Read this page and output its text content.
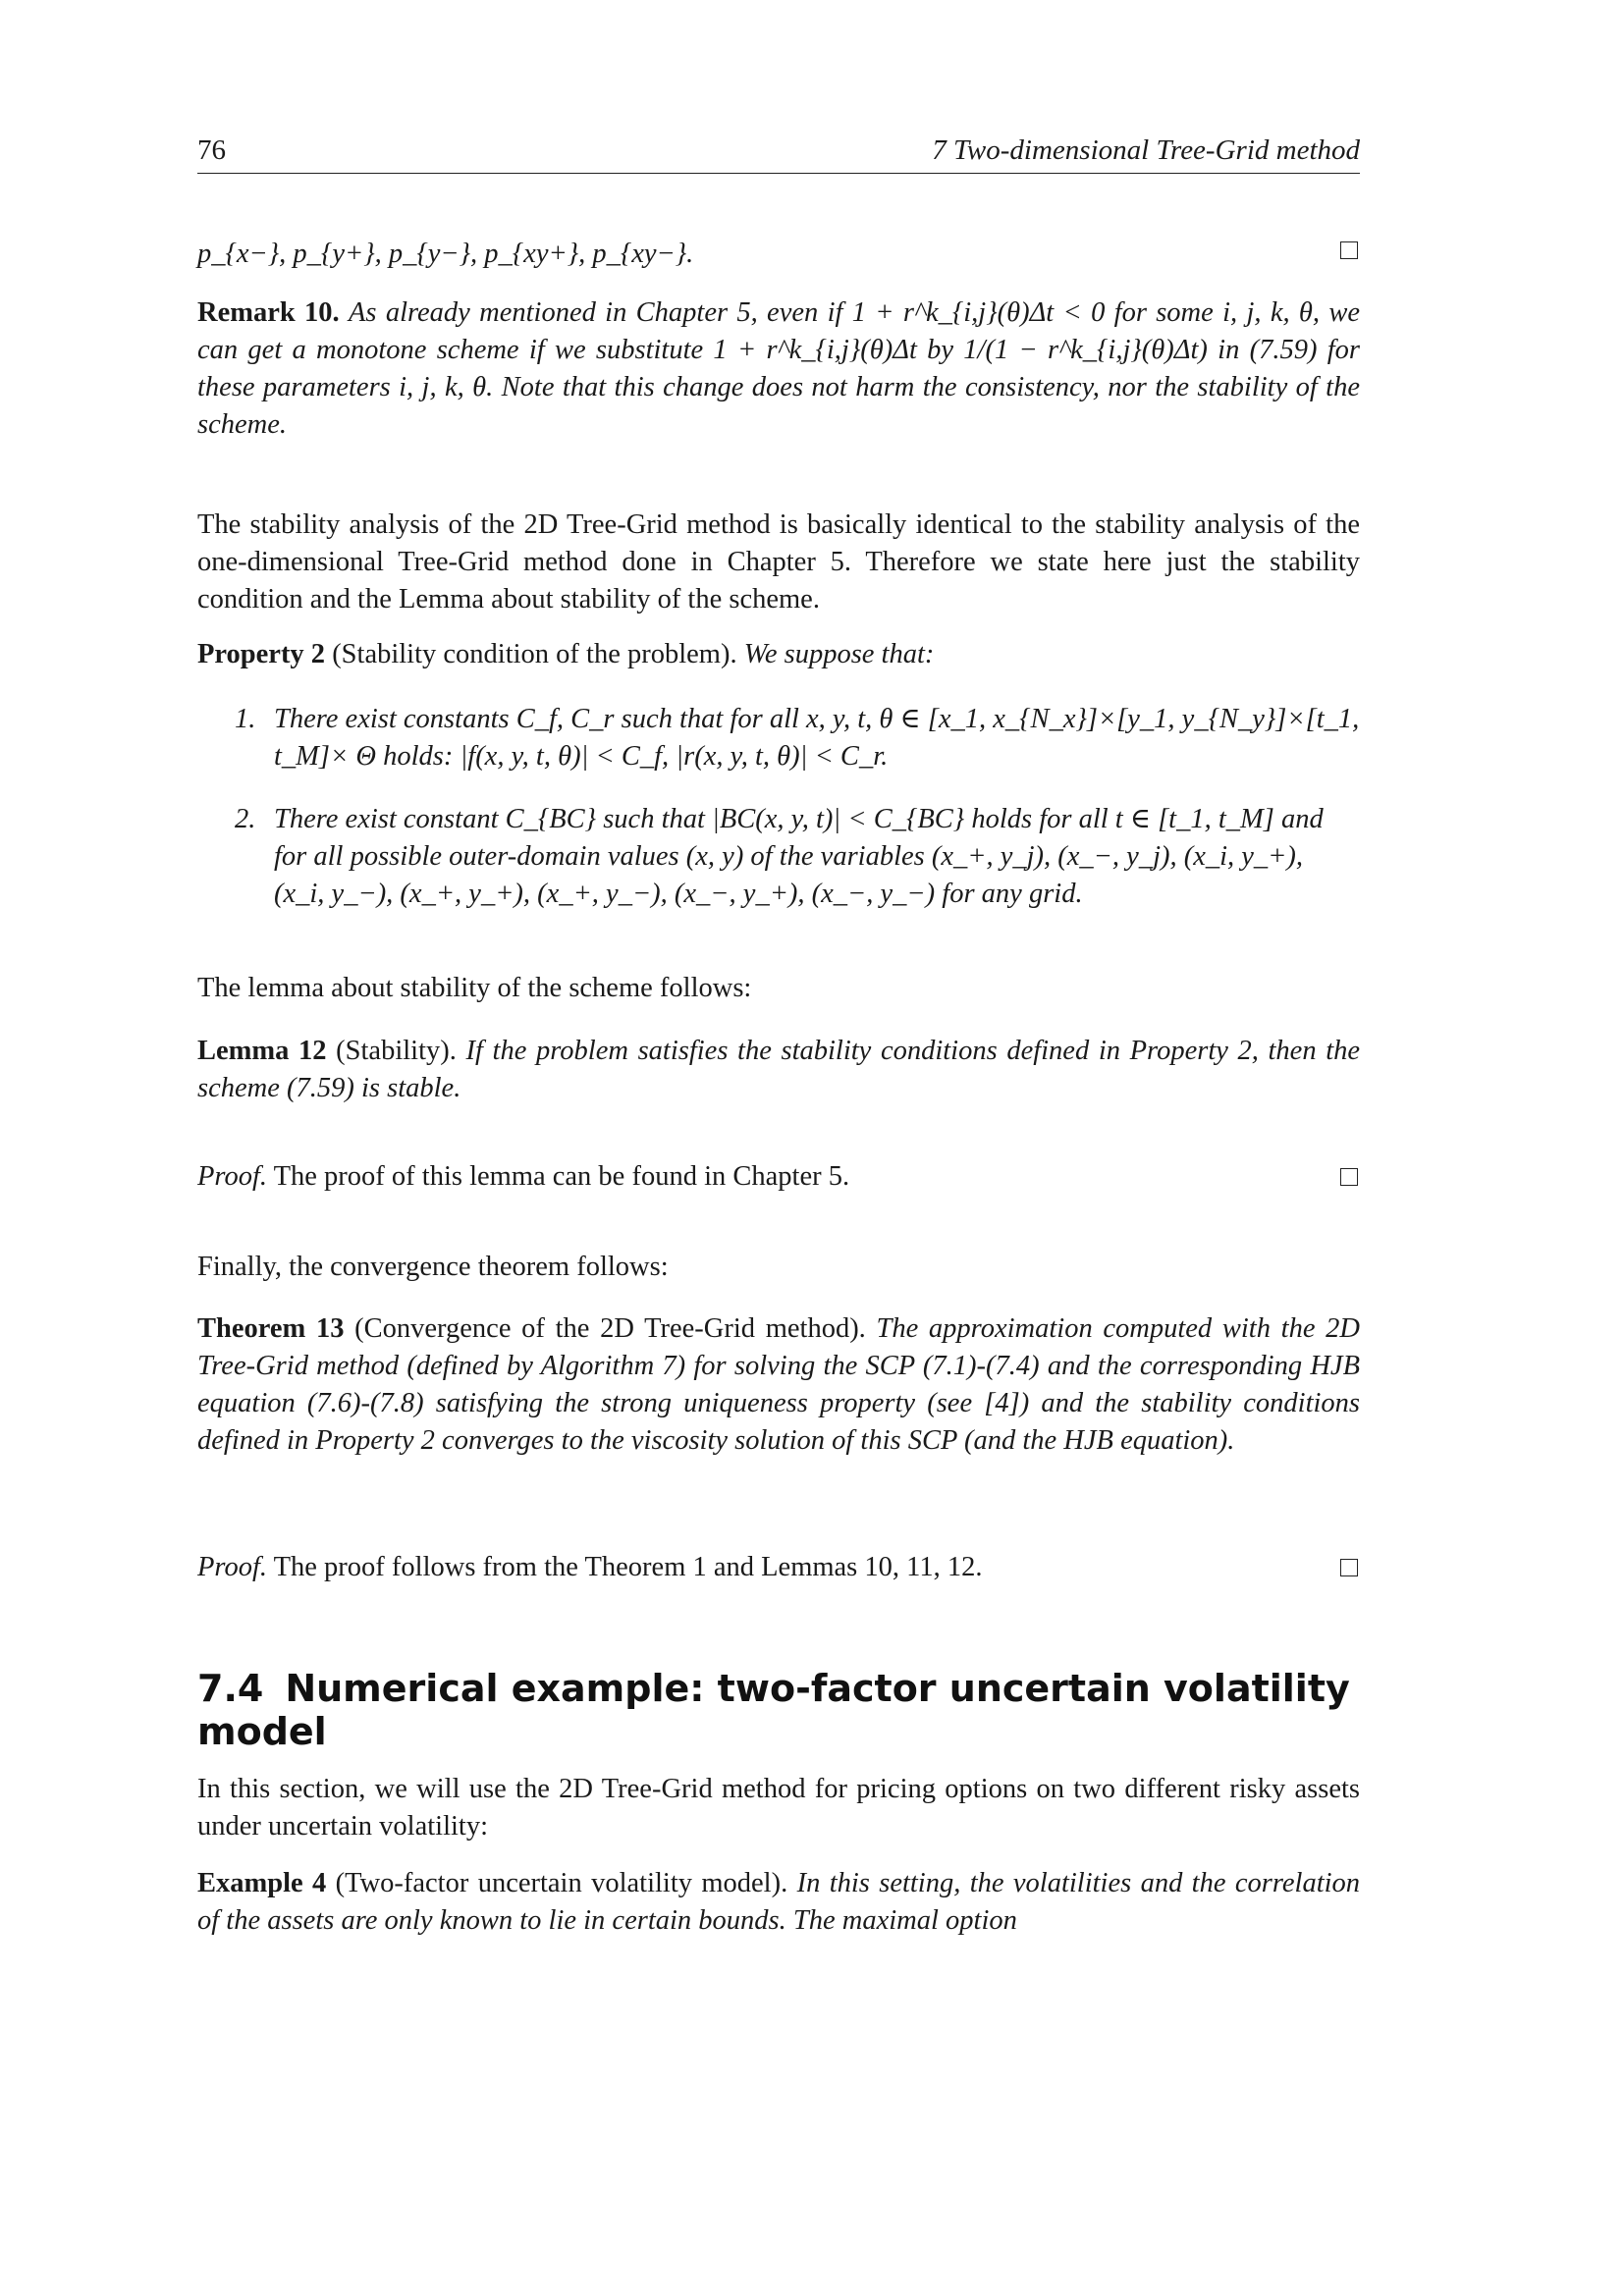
76	7 Two-dimensional Tree-Grid method
p_{x−}, p_{y+}, p_{y−}, p_{xy+}, p_{xy−}.
Remark 10. As already mentioned in Chapter 5, even if 1 + r^k_{i,j}(θ)Δt < 0 for some i, j, k, θ, we can get a monotone scheme if we substitute 1 + r^k_{i,j}(θ)Δt by 1/(1 − r^k_{i,j}(θ)Δt) in (7.59) for these parameters i, j, k, θ. Note that this change does not harm the consistency, nor the stability of the scheme.
The stability analysis of the 2D Tree-Grid method is basically identical to the stability analysis of the one-dimensional Tree-Grid method done in Chapter 5. Therefore we state here just the stability condition and the Lemma about stability of the scheme.
Property 2 (Stability condition of the problem). We suppose that:
1. There exist constants C_f, C_r such that for all x, y, t, θ ∈ [x_1, x_{N_x}]×[y_1, y_{N_y}]×[t_1, t_M]× Θ holds: |f(x, y, t, θ)| < C_f, |r(x, y, t, θ)| < C_r.
2. There exist constant C_{BC} such that |BC(x, y, t)| < C_{BC} holds for all t ∈ [t_1, t_M] and for all possible outer-domain values (x, y) of the variables (x_+, y_j), (x_−, y_j), (x_i, y_+), (x_i, y_−), (x_+, y_+), (x_+, y_−), (x_−, y_+), (x_−, y_−) for any grid.
The lemma about stability of the scheme follows:
Lemma 12 (Stability). If the problem satisfies the stability conditions defined in Property 2, then the scheme (7.59) is stable.
Proof. The proof of this lemma can be found in Chapter 5.
Finally, the convergence theorem follows:
Theorem 13 (Convergence of the 2D Tree-Grid method). The approximation computed with the 2D Tree-Grid method (defined by Algorithm 7) for solving the SCP (7.1)-(7.4) and the corresponding HJB equation (7.6)-(7.8) satisfying the strong uniqueness property (see [4]) and the stability conditions defined in Property 2 converges to the viscosity solution of this SCP (and the HJB equation).
Proof. The proof follows from the Theorem 1 and Lemmas 10, 11, 12.
7.4 Numerical example: two-factor uncertain volatility model
In this section, we will use the 2D Tree-Grid method for pricing options on two different risky assets under uncertain volatility:
Example 4 (Two-factor uncertain volatility model). In this setting, the volatilities and the correlation of the assets are only known to lie in certain bounds. The maximal option
